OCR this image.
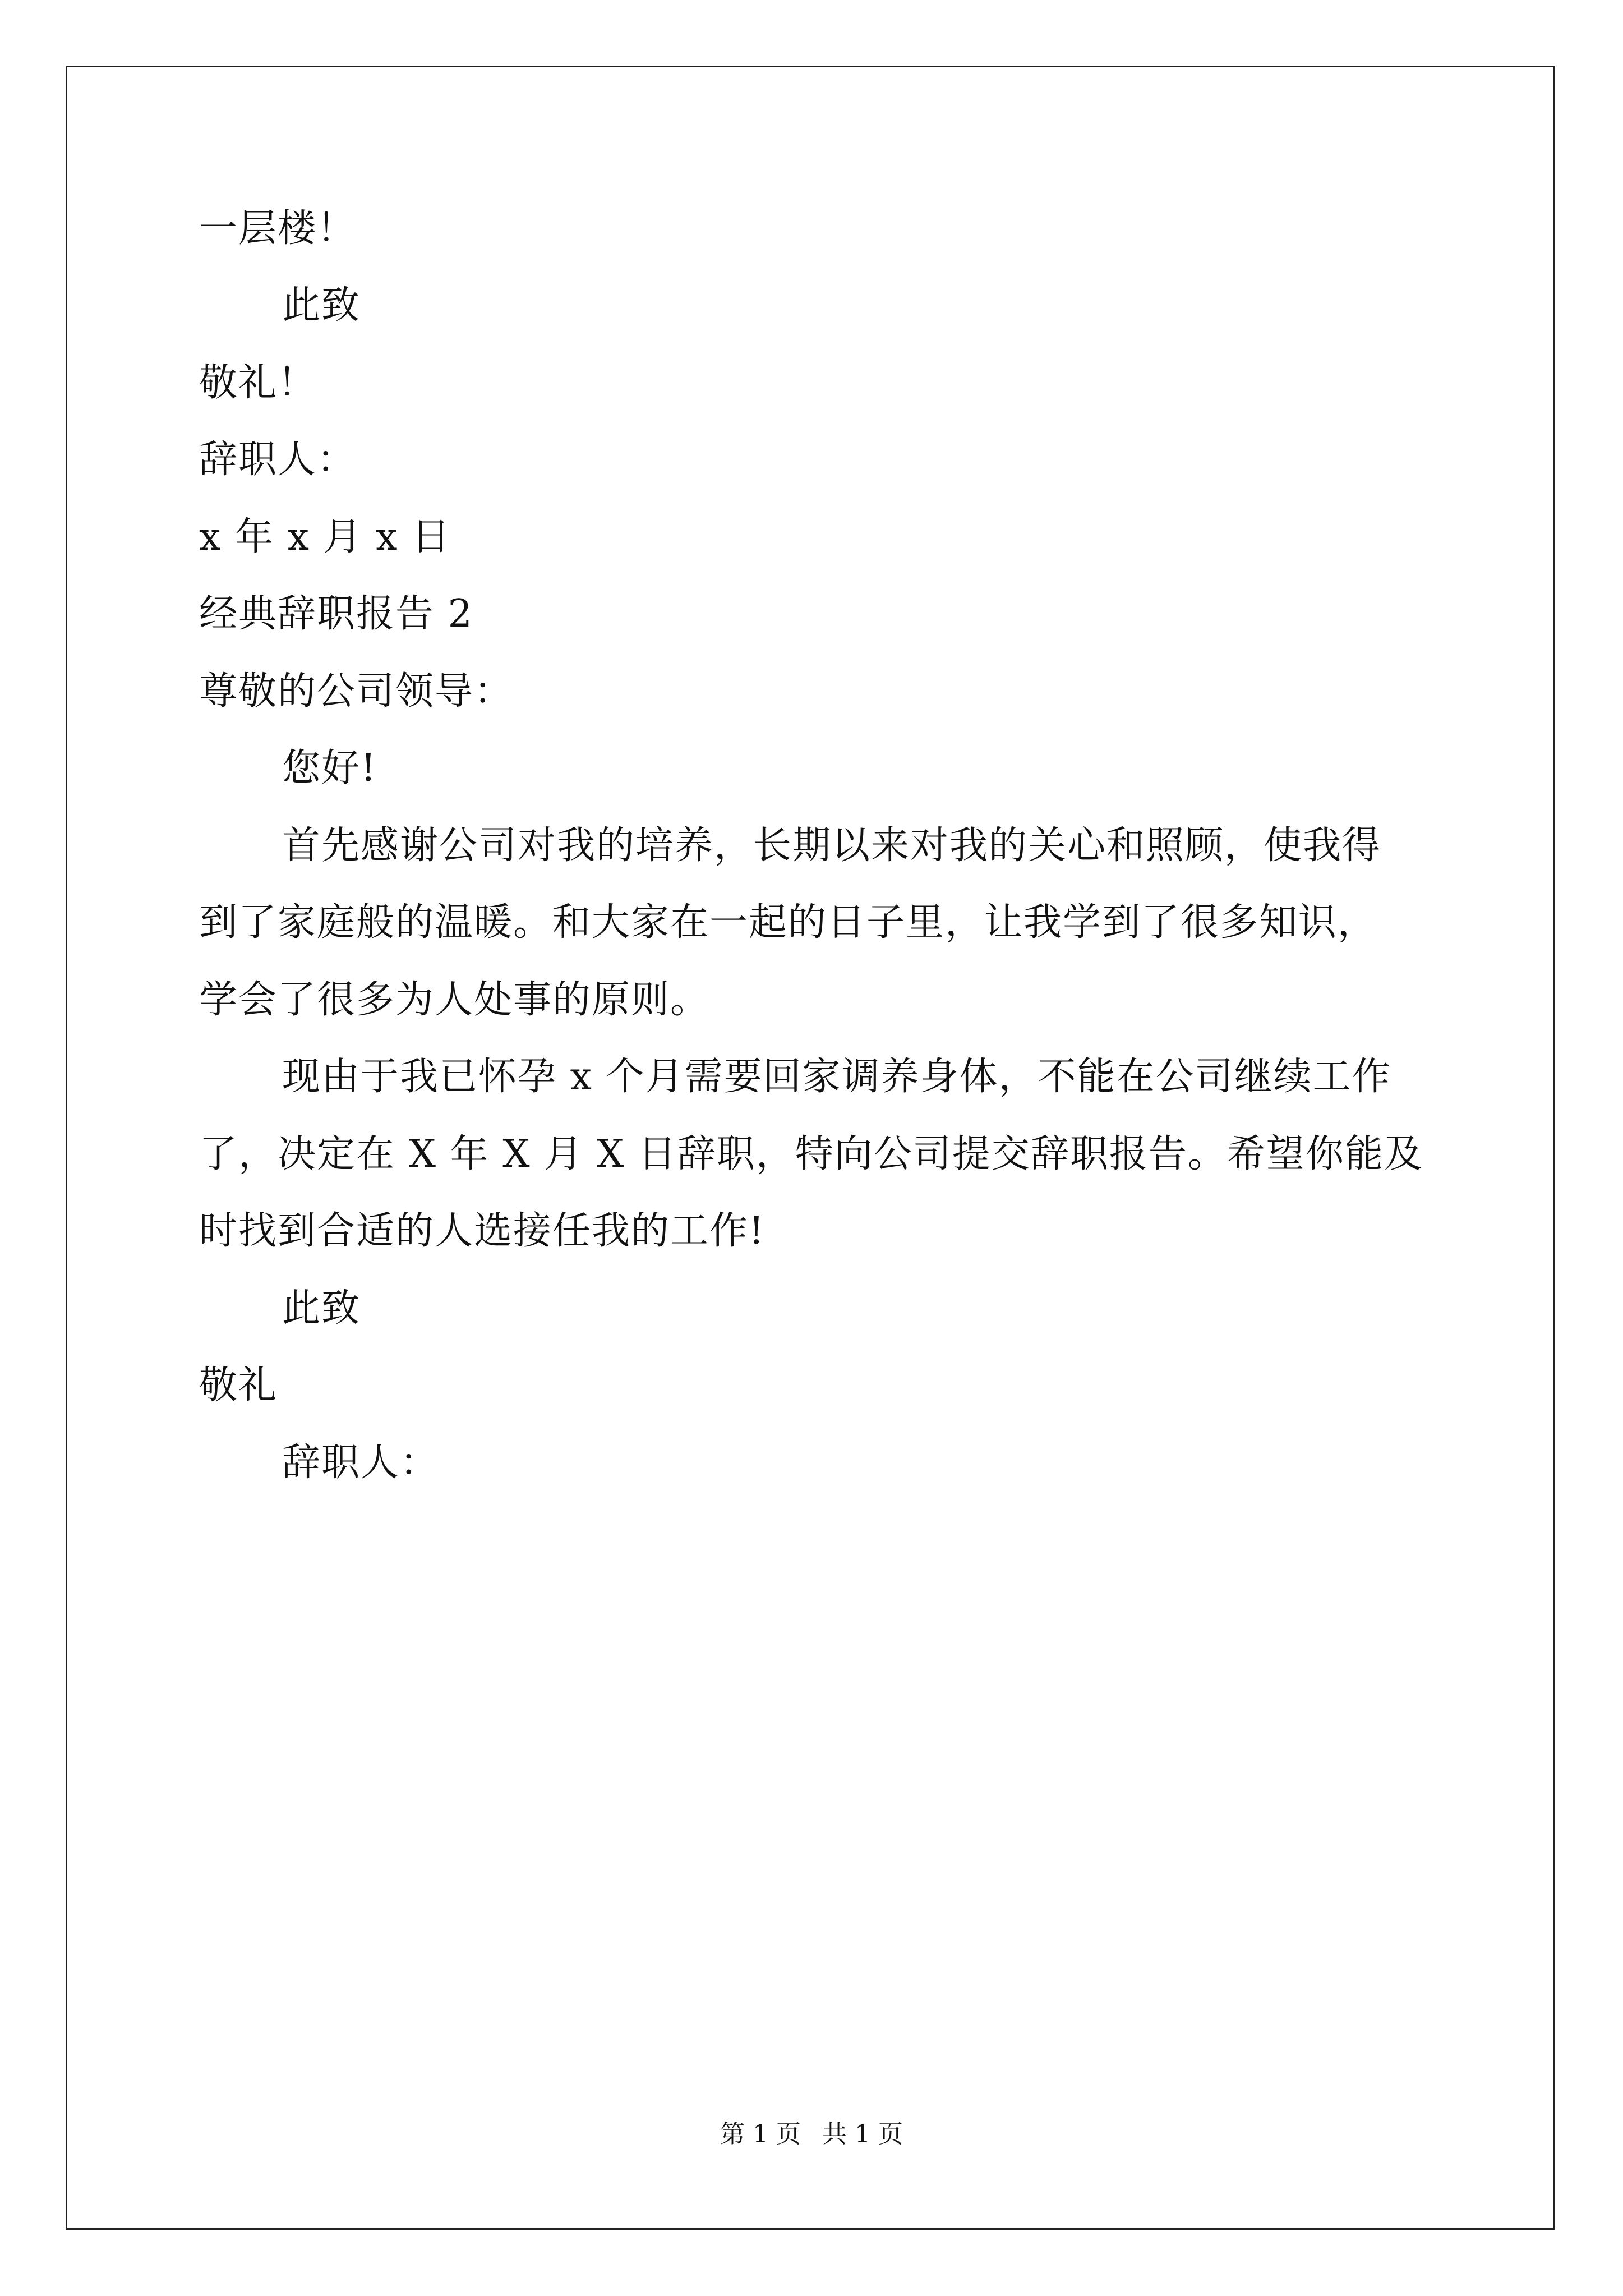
一层楼！
此致
敬礼！
辞职人：
x 年 x 月 x 日
经典辞职报告 2
尊敬的公司领导：
您好!
首先感谢公司对我的培养，长期以来对我的关心和照顾，使我得
到了家庭般的温暖。和大家在一起的日子里，让我学到了很多知识，
学会了很多为人处事的原则。
现由于我已怀孕 x 个月需要回家调养身体，不能在公司继续工作
了，决定在 X 年 X 月 X 日辞职，特向公司提交辞职报告。希望你能及
时找到合适的人选接任我的工作!
此致
敬礼
辞职人：
第 1 页 共 1 页
